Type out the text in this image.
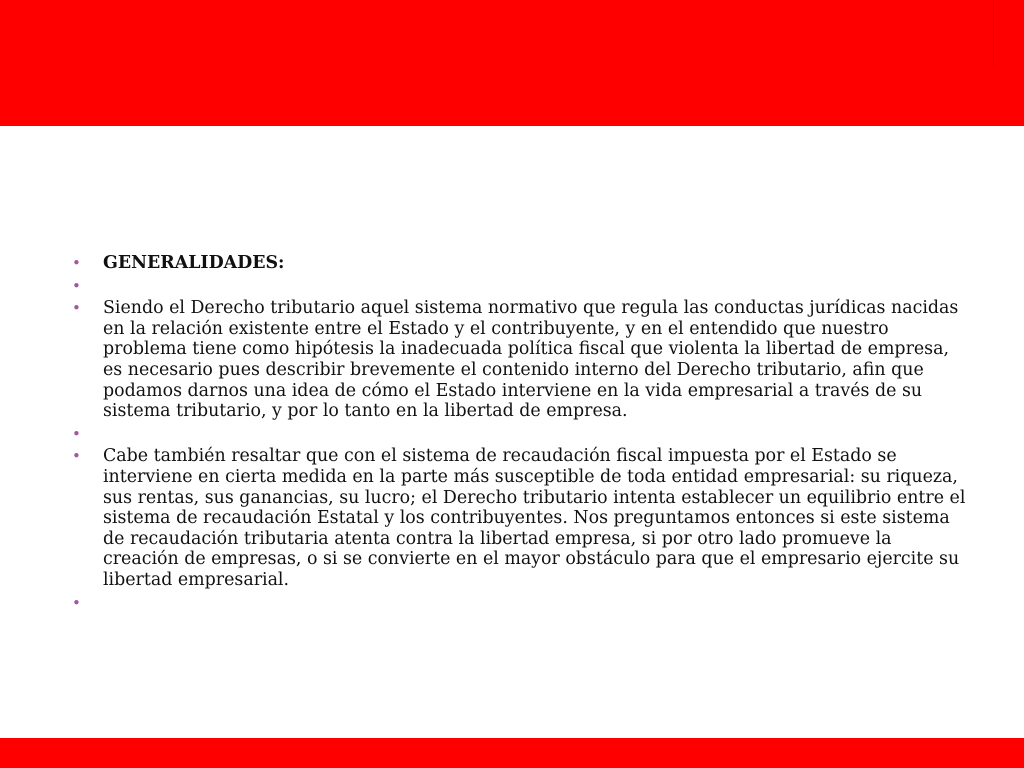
• GENERALIDADES:
•
• Siendo el Derecho tributario aquel sistema normativo que regula las conductas jurídicas nacidas en la relación existente entre el Estado y el contribuyente, y en el entendido que nuestro problema tiene como hipótesis la inadecuada política fiscal que violenta la libertad de empresa, es necesario pues describir brevemente el contenido interno del Derecho tributario, afin que podamos darnos una idea de cómo el Estado interviene en la vida empresarial a través de su sistema tributario, y por lo tanto en la libertad de empresa.
•
• Cabe también resaltar que con el sistema de recaudación fiscal impuesta por el Estado se interviene en cierta medida en la parte más susceptible de toda entidad empresarial: su riqueza, sus rentas, sus ganancias, su lucro; el Derecho tributario intenta establecer un equilibrio entre el sistema de recaudación Estatal y los contribuyentes. Nos preguntamos entonces si este sistema de recaudación tributaria atenta contra la libertad empresa, si por otro lado promueve la creación de empresas, o si se convierte en el mayor obstáculo para que el empresario ejercite su libertad empresarial.
•
